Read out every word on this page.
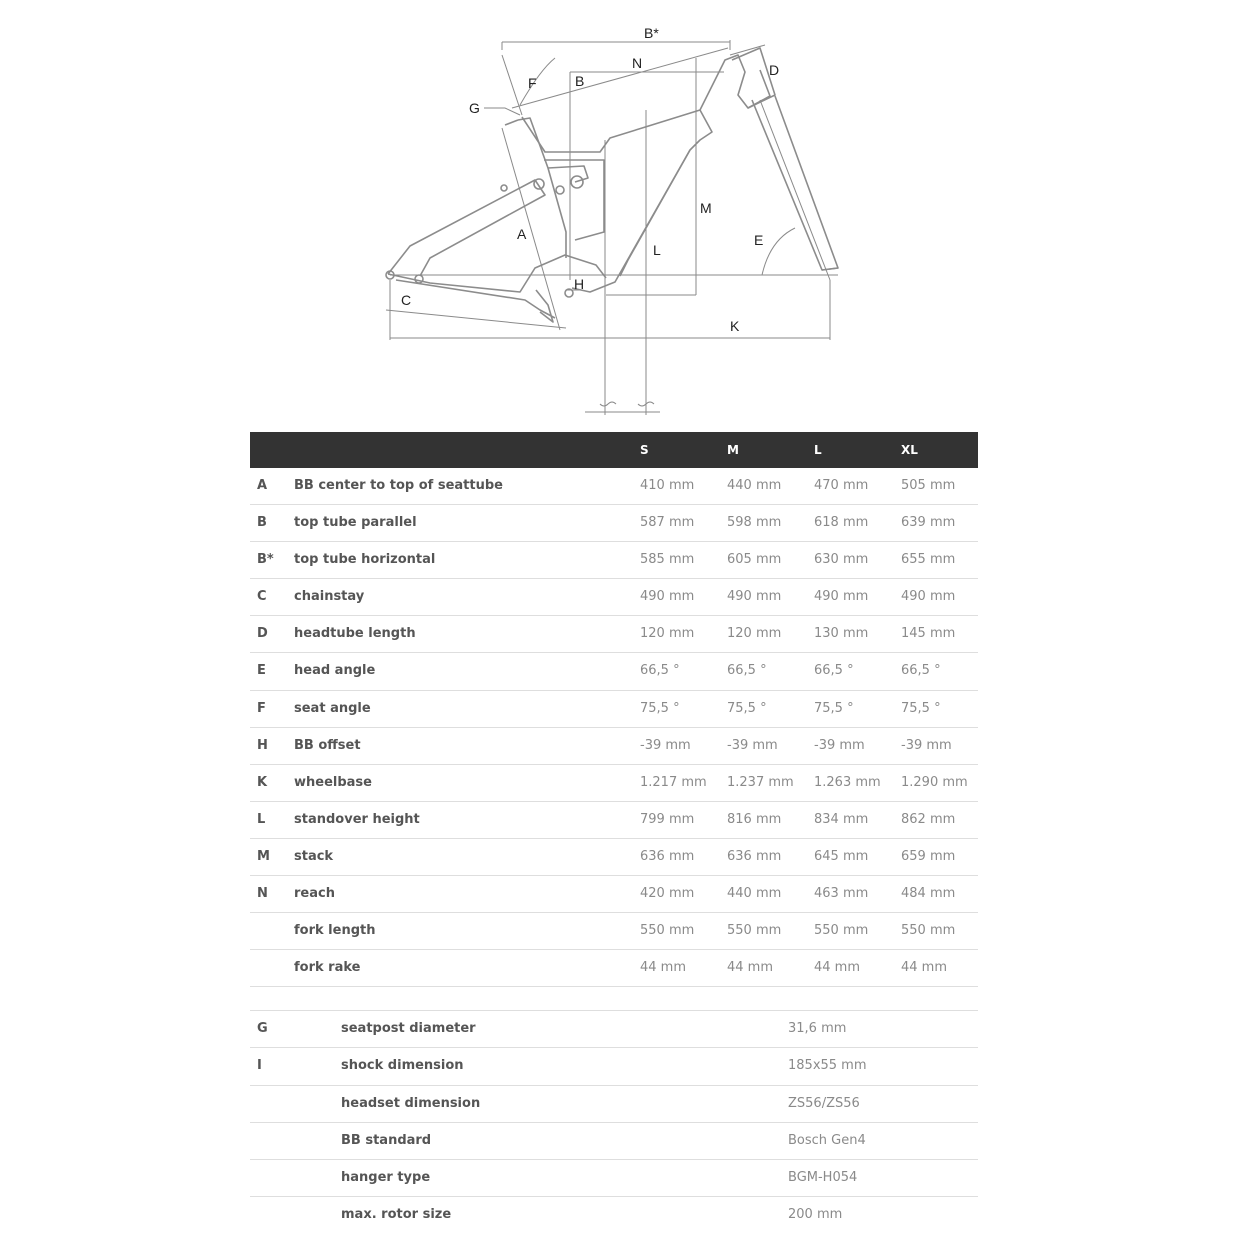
B*
N
B
F
G
D
M
A	E
L
H
C
K
S	M	L	XL
A BB center to top of seattube	410 mm	440 mm	470 mm	505 mm
B top tube parallel	587 mm	598 mm	618 mm	639 mm
B* top tube horizontal	585 mm	605 mm	630 mm	655 mm
C chainstay	490 mm	490 mm	490 mm	490 mm
D headtube length	120 mm	120 mm	130 mm	145 mm
E head angle	66,5 °	66,5 °	66,5 °	66,5 °
F seat angle	75,5 °	75,5 °	75,5 °	75,5 °
H BB offset	-39 mm	-39 mm	-39 mm	-39 mm
K wheelbase	1.217 mm 1.237 mm 1.263 mm 1.290 mm
L standover height	799 mm	816 mm	834 mm	862 mm
M stack	636 mm	636 mm	645 mm	659 mm
N reach	420 mm	440 mm	463 mm	484 mm
fork length	550 mm	550 mm	550 mm	550 mm
fork rake	44 mm	44 mm	44 mm	44 mm
G	seatpost diameter	31,6 mm
I	shock dimension	185x55 mm
headset dimension	ZS56/ZS56
BB standard	Bosch Gen4
hanger type	BGM-H054
max. rotor size	200 mm
